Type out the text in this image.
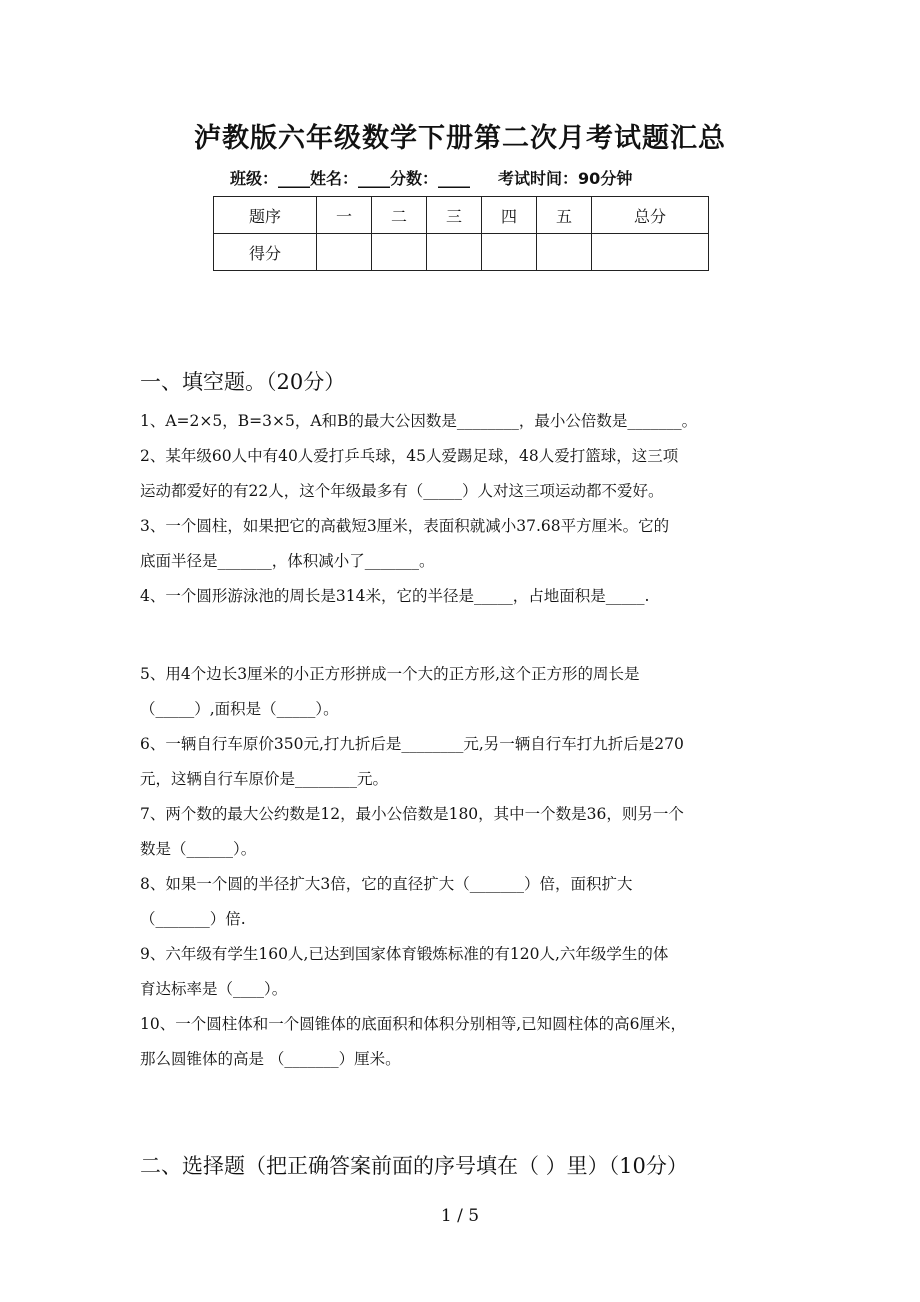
泸教版六年级数学下册第二次月考试题汇总
班级：____姓名：____分数：____ 考试时间：90分钟
题序	一	二	三	四	五	总分
得分						
一、填空题。（20分）

1、A=2×5，B=3×5，A和B的最大公因数是________，最小公倍数是_______。

2、某年级60人中有40人爱打乒乓球，45人爱踢足球，48人爱打篮球，这三项

运动都爱好的有22人，这个年级最多有（_____）人对这三项运动都不爱好。

3、一个圆柱，如果把它的高截短3厘米，表面积就减小37.68平方厘米。它的

底面半径是_______，体积减小了_______。

4、一个圆形游泳池的周长是314米，它的半径是_____，占地面积是_____.

5、用4个边长3厘米的小正方形拼成一个大的正方形,这个正方形的周长是

（_____）,面积是（_____）。

6、一辆自行车原价350元,打九折后是________元,另一辆自行车打九折后是270

元，这辆自行车原价是________元。

7、两个数的最大公约数是12，最小公倍数是180，其中一个数是36，则另一个

数是（______）。

8、如果一个圆的半径扩大3倍，它的直径扩大（_______）倍，面积扩大

（_______）倍.

9、六年级有学生160人,已达到国家体育锻炼标准的有120人,六年级学生的体

育达标率是（____）。

10、一个圆柱体和一个圆锥体的底面积和体积分别相等,已知圆柱体的高6厘米，

那么圆锥体的高是 （_______）厘米。

二、选择题（把正确答案前面的序号填在（ ）里）（10分）
1 / 5
